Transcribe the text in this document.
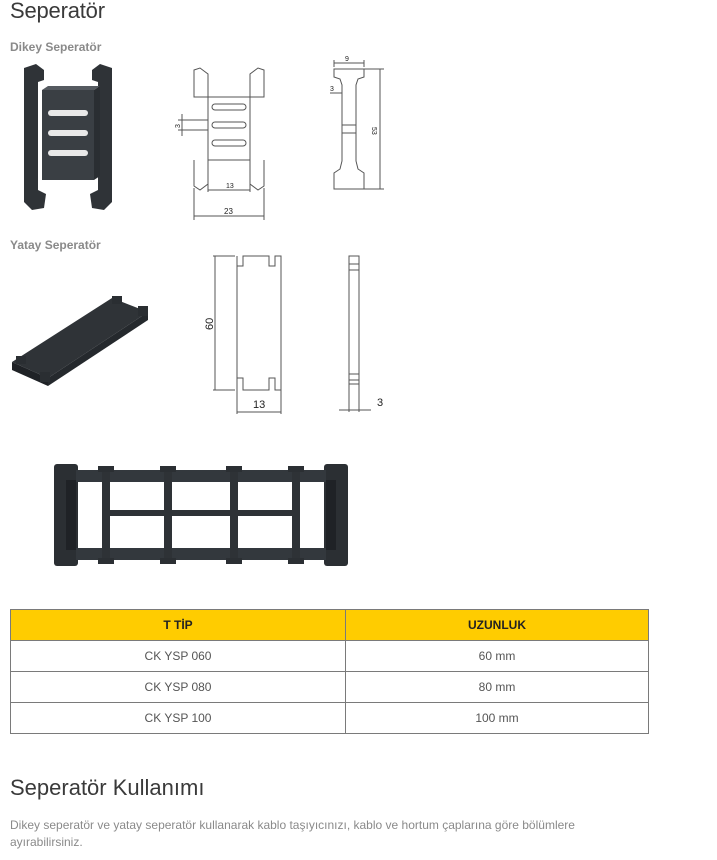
Seperatör
Dikey Seperatör
3
13
23
9
3
53
Yatay Seperatör
60
13	3
T TİP	UZUNLUK
CK YSP 060	60 mm
CK YSP 080	80 mm
CK YSP 100	100 mm
Seperatör Kullanımı

Dikey seperatör ve yatay seperatör kullanarak kablo taşıyıcınızı, kablo ve hortum çaplarına göre bölümlere ayırabilirsiniz.
